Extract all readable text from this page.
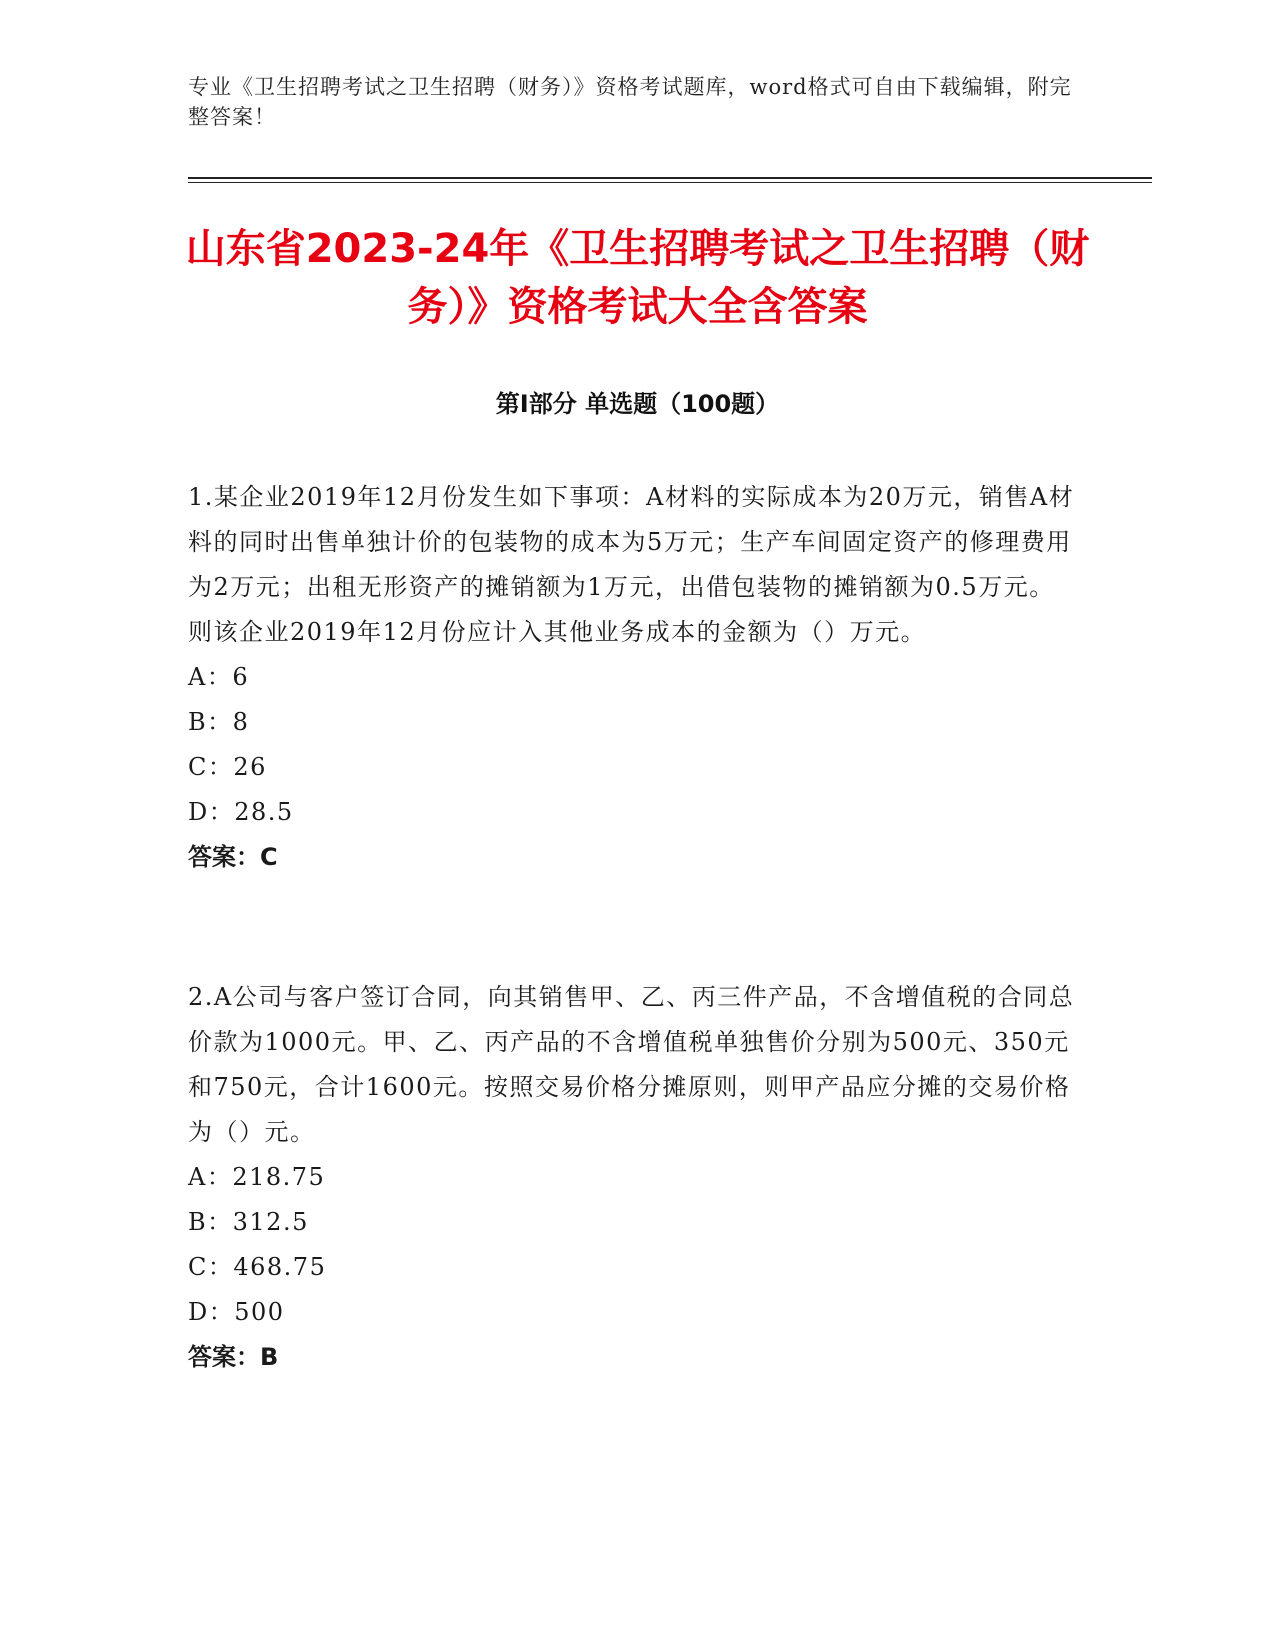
专业《卫生招聘考试之卫生招聘（财务）》资格考试题库，word格式可自由下载编辑，附完整答案！
山东省2023-24年《卫生招聘考试之卫生招聘（财务）》资格考试大全含答案
第Ⅰ部分 单选题（100题）

1.某企业2019年12月份发生如下事项：A材料的实际成本为20万元，销售A材料的同时出售单独计价的包装物的成本为5万元；生产车间固定资产的修理费用为2万元；出租无形资产的摊销额为1万元，出借包装物的摊销额为0.5万元。则该企业2019年12月份应计入其他业务成本的金额为（）万元。

A：6

B：8

C：26

D：28.5

答案：C

2.A公司与客户签订合同，向其销售甲、乙、丙三件产品，不含增值税的合同总价款为1000元。甲、乙、丙产品的不含增值税单独售价分别为500元、350元和750元，合计1600元。按照交易价格分摊原则，则甲产品应分摊的交易价格为（）元。

A：218.75

B：312.5

C：468.75

D：500

答案：B
